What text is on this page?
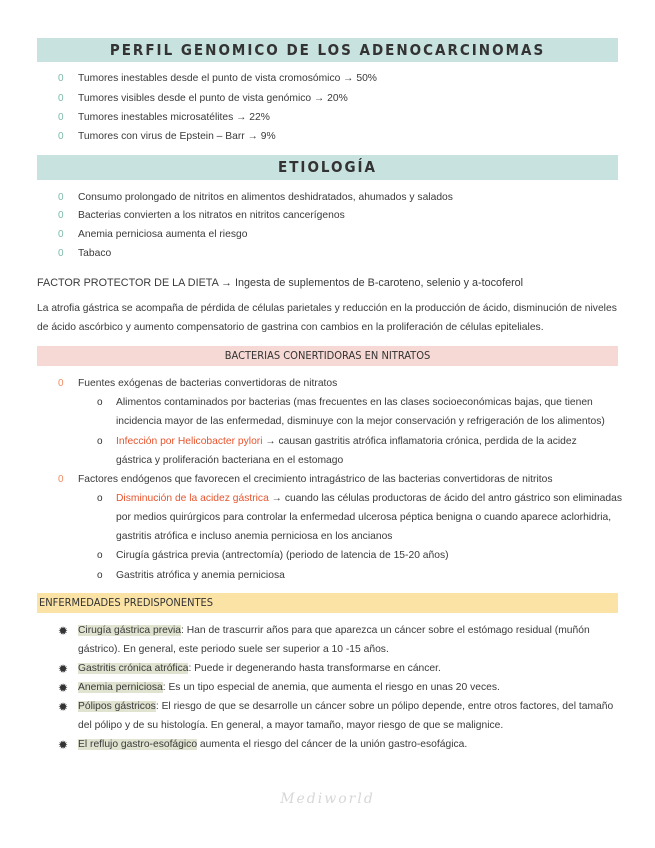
PERFIL GENOMICO DE LOS ADENOCARCINOMAS
0 Tumores inestables desde el punto de vista cromosómico → 50%
0 Tumores visibles desde el punto de vista genómico → 20%
0 Tumores inestables microsatélites → 22%
0 Tumores con virus de Epstein – Barr → 9%
ETIOLOGÍA
0 Consumo prolongado de nitritos en alimentos deshidratados, ahumados y salados
0 Bacterias convierten a los nitratos en nitritos cancerígenos
0 Anemia perniciosa aumenta el riesgo
0 Tabaco
FACTOR PROTECTOR DE LA DIETA → Ingesta de suplementos de B-caroteno, selenio y a-tocoferol
La atrofia gástrica se acompaña de pérdida de células parietales y reducción en la producción de ácido, disminución de niveles
de ácido ascórbico y aumento compensatorio de gastrina con cambios en la proliferación de células epiteliales.
BACTERIAS CONERTIDORAS EN NITRATOS
0 Fuentes exógenas de bacterias convertidoras de nitratos
o Alimentos contaminados por bacterias (mas frecuentes en las clases socioeconómicas bajas, que tienen
incidencia mayor de las enfermedad, disminuye con la mejor conservación y refrigeración de los alimentos)
o Infección por Helicobacter pylori → causan gastritis atrófica inflamatoria crónica, perdida de la acidez
gástrica y proliferación bacteriana en el estomago
0 Factores endógenos que favorecen el crecimiento intragástrico de las bacterias convertidoras de nitritos
o Disminución de la acidez gástrica → cuando las células productoras de ácido del antro gástrico son eliminadas
por medios quirúrgicos para controlar la enfermedad ulcerosa péptica benigna o cuando aparece aclorhidria,
gastritis atrófica e incluso anemia perniciosa en los ancianos
o Cirugía gástrica previa (antrectomía) (periodo de latencia de 15-20 años)
o Gastritis atrófica y anemia perniciosa
ENFERMEDADES PREDISPONENTES
✹ Cirugía gástrica previa: Han de trascurrir años para que aparezca un cáncer sobre el estómago residual (muñón
gástrico). En general, este periodo suele ser superior a 10 -15 años.
✹ Gastritis crónica atrófica: Puede ir degenerando hasta transformarse en cáncer.
✹ Anemia perniciosa: Es un tipo especial de anemia, que aumenta el riesgo en unas 20 veces.
✹ Pólipos gástricos: El riesgo de que se desarrolle un cáncer sobre un pólipo depende, entre otros factores, del tamaño
del pólipo y de su histología. En general, a mayor tamaño, mayor riesgo de que se malignice.
✹ El reflujo gastro-esofágico aumenta el riesgo del cáncer de la unión gastro-esofágica.
Mediworld
